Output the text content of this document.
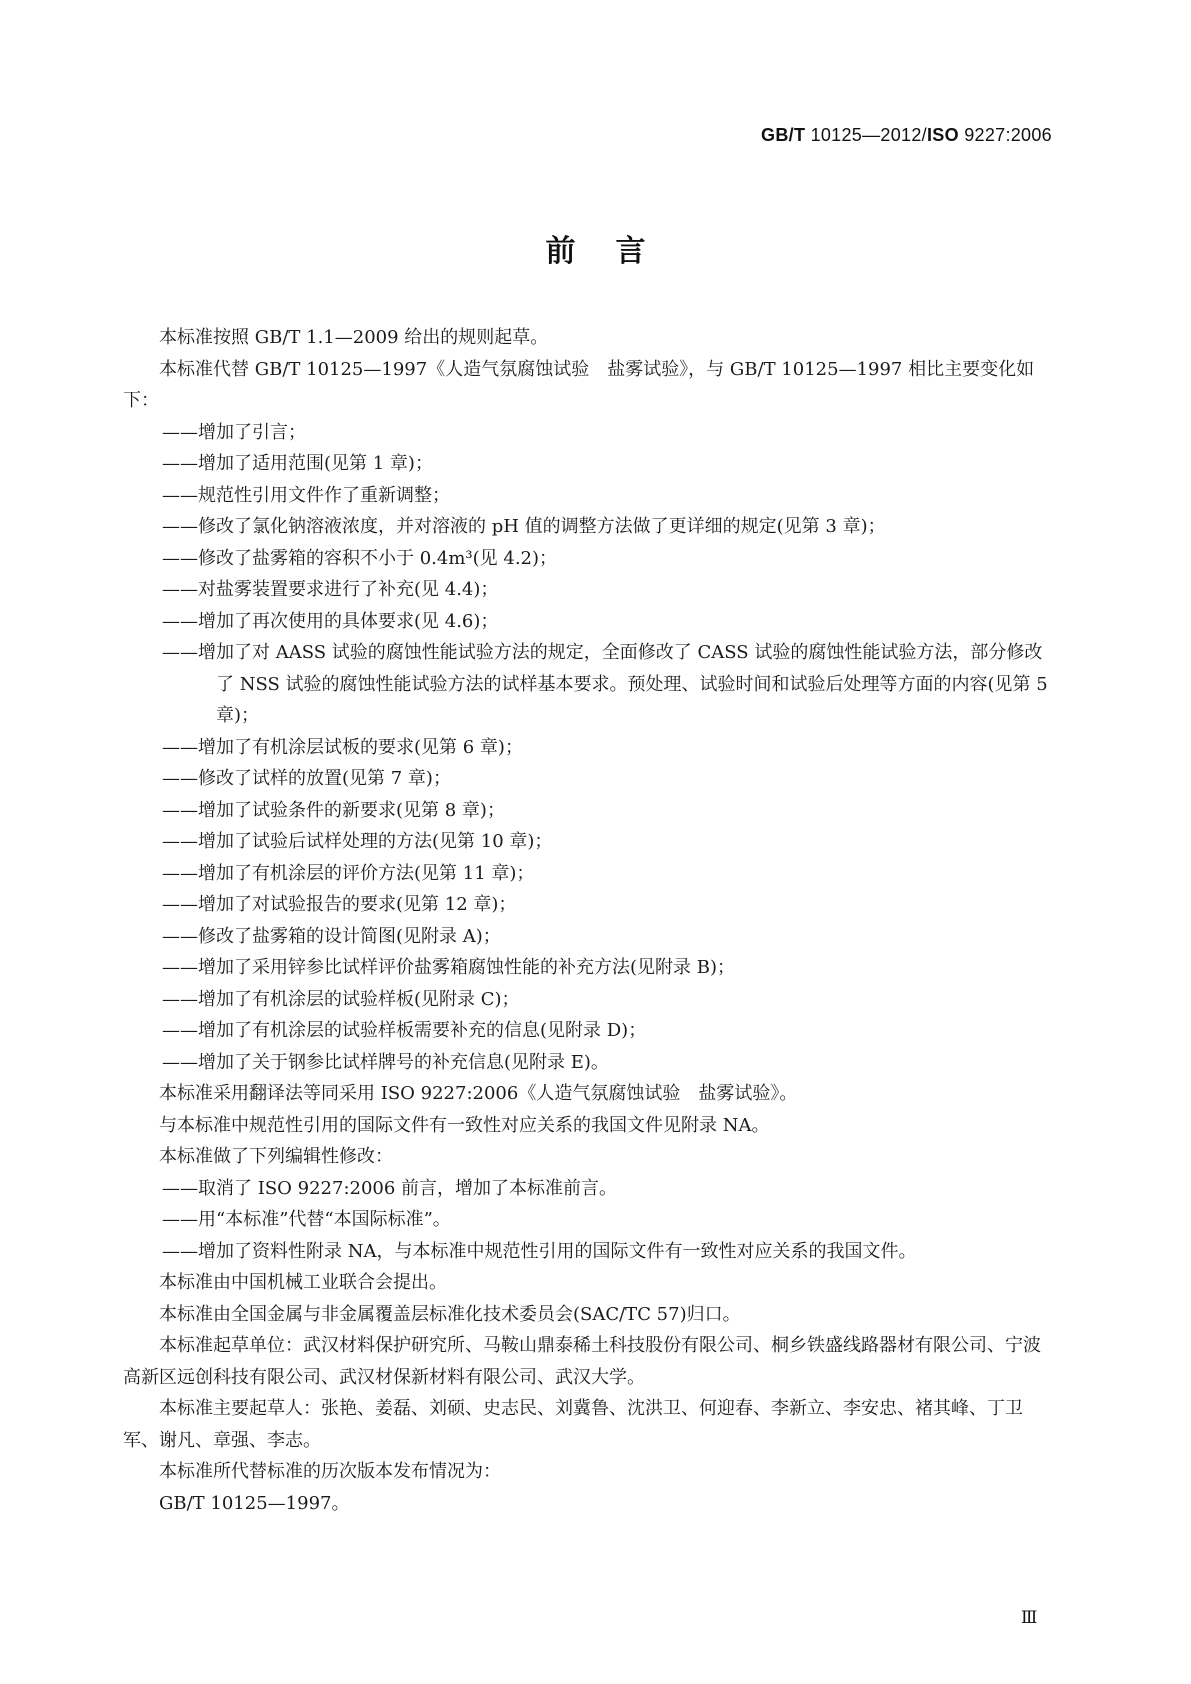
GB/T 10125—2012/ISO 9227:2006
前言

本标准按照 GB/T 1.1—2009 给出的规则起草。

本标准代替 GB/T 10125—1997《人造气氛腐蚀试验　盐雾试验》，与 GB/T 10125—1997 相比主要变化如下：

——增加了引言；

——增加了适用范围(见第 1 章)；

——规范性引用文件作了重新调整；

——修改了氯化钠溶液浓度，并对溶液的 pH 值的调整方法做了更详细的规定(见第 3 章)；

——修改了盐雾箱的容积不小于 0.4m³(见 4.2)；

——对盐雾装置要求进行了补充(见 4.4)；

——增加了再次使用的具体要求(见 4.6)；

——增加了对 AASS 试验的腐蚀性能试验方法的规定，全面修改了 CASS 试验的腐蚀性能试验方法，部分修改了 NSS 试验的腐蚀性能试验方法的试样基本要求。预处理、试验时间和试验后处理等方面的内容(见第 5 章)；

——增加了有机涂层试板的要求(见第 6 章)；

——修改了试样的放置(见第 7 章)；

——增加了试验条件的新要求(见第 8 章)；

——增加了试验后试样处理的方法(见第 10 章)；

——增加了有机涂层的评价方法(见第 11 章)；

——增加了对试验报告的要求(见第 12 章)；

——修改了盐雾箱的设计简图(见附录 A)；

——增加了采用锌参比试样评价盐雾箱腐蚀性能的补充方法(见附录 B)；

——增加了有机涂层的试验样板(见附录 C)；

——增加了有机涂层的试验样板需要补充的信息(见附录 D)；

——增加了关于钢参比试样牌号的补充信息(见附录 E)。

本标准采用翻译法等同采用 ISO 9227:2006《人造气氛腐蚀试验　盐雾试验》。

与本标准中规范性引用的国际文件有一致性对应关系的我国文件见附录 NA。

本标准做了下列编辑性修改：

——取消了 ISO 9227:2006 前言，增加了本标准前言。

——用“本标准”代替“本国际标准”。

——增加了资料性附录 NA，与本标准中规范性引用的国际文件有一致性对应关系的我国文件。

本标准由中国机械工业联合会提出。

本标准由全国金属与非金属覆盖层标准化技术委员会(SAC/TC 57)归口。

本标准起草单位：武汉材料保护研究所、马鞍山鼎泰稀土科技股份有限公司、桐乡铁盛线路器材有限公司、宁波高新区远创科技有限公司、武汉材保新材料有限公司、武汉大学。

本标准主要起草人：张艳、姜磊、刘硕、史志民、刘冀鲁、沈洪卫、何迎春、李新立、李安忠、褚其峰、丁卫军、谢凡、章强、李志。

本标准所代替标准的历次版本发布情况为：

GB/T 10125—1997。

Ⅲ
